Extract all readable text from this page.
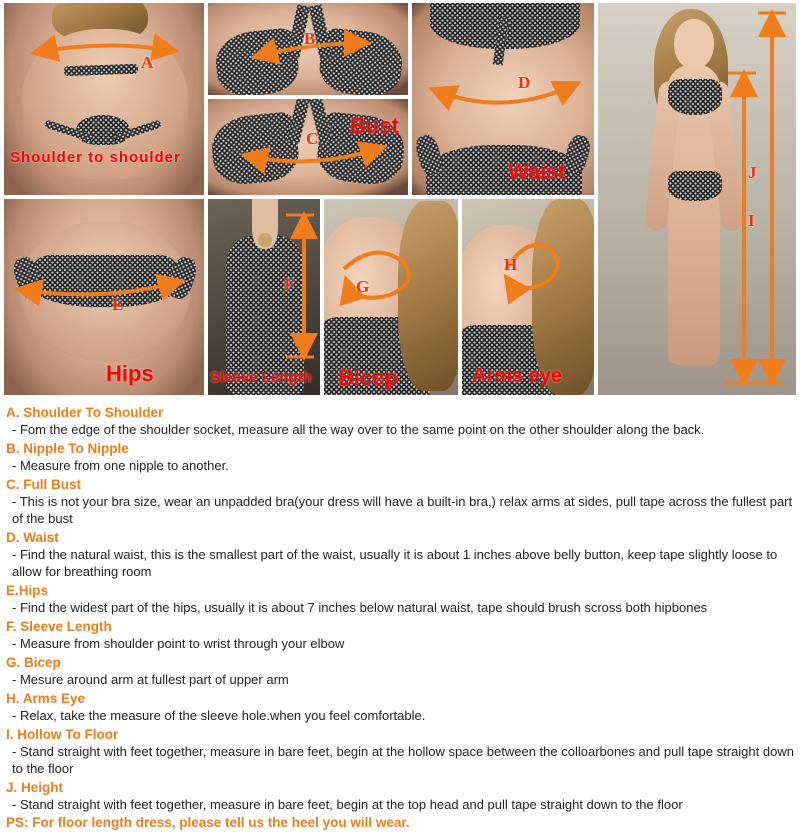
A
Shoulder to shoulder
B
C
Bust
D
Waist
E
Hips
F
Sleeve Length
G
Bicep
H
Arms eye
J
I
A. Shoulder To Shoulder
- Fom the edge of the shoulder socket, measure all the way over to the same point on the other shoulder along the back.
B. Nipple To Nipple
- Measure from one nipple to another.
C. Full Bust
- This is not your bra size, wear an unpadded bra(your dress will have a built-in bra,) relax arms at sides, pull tape across the fullest part of the bust
D. Waist
- Find the natural waist, this is the smallest part of the waist, usually it is about 1 inches above belly button, keep tape slightly loose to allow for breathing room
E.Hips
- Find the widest part of the hips, usually it is about 7 inches below natural waist, tape should brush scross both hipbones
F. Sleeve Length
- Measure from shoulder point to wrist through your elbow
G. Bicep
- Mesure around arm at fullest part of upper arm
H. Arms Eye
- Relax, take the measure of the sleeve hole.when you feel comfortable.
I. Hollow To Floor
- Stand straight with feet together, measure in bare feet, begin at the hollow space between the colloarbones and pull tape straight down to the floor
J. Height
- Stand straight with feet together, measure in bare feet, begin at the top head and pull tape straight down to the floor
PS: For floor length dress, please tell us the heel you will wear.
